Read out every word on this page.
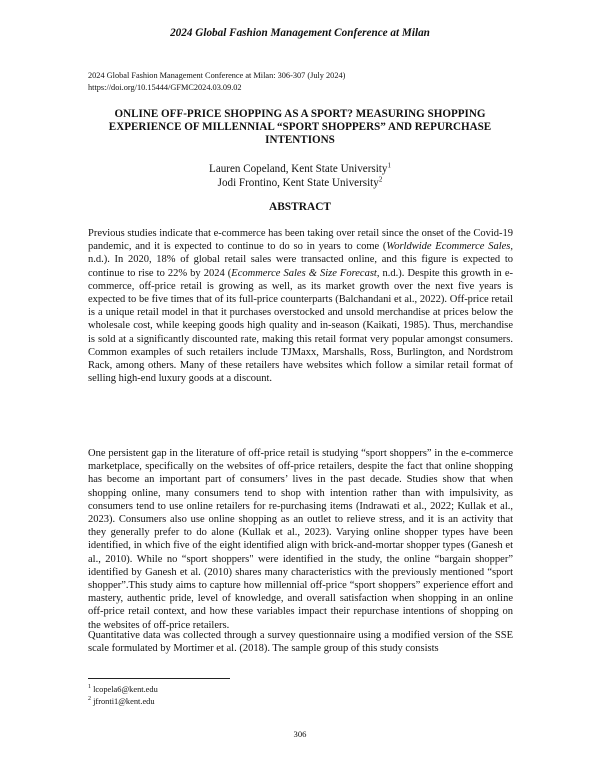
2024 Global Fashion Management Conference at Milan
2024 Global Fashion Management Conference at Milan: 306-307 (July 2024)
https://doi.org/10.15444/GFMC2024.03.09.02
ONLINE OFF-PRICE SHOPPING AS A SPORT? MEASURING SHOPPING EXPERIENCE OF MILLENNIAL “SPORT SHOPPERS” AND REPURCHASE INTENTIONS
Lauren Copeland, Kent State University$^1$
Jodi Frontino, Kent State University$^2$
ABSTRACT

Previous studies indicate that e-commerce has been taking over retail since the onset of the Covid-19 pandemic, and it is expected to continue to do so in years to come (Worldwide Ecommerce Sales, n.d.). In 2020, 18% of global retail sales were transacted online, and this figure is expected to continue to rise to 22% by 2024 (Ecommerce Sales & Size Forecast, n.d.). Despite this growth in e-commerce, off-price retail is growing as well, as its market growth over the next five years is expected to be five times that of its full-price counterparts (Balchandani et al., 2022). Off-price retail is a unique retail model in that it purchases overstocked and unsold merchandise at prices below the wholesale cost, while keeping goods high quality and in-season (Kaikati, 1985). Thus, merchandise is sold at a significantly discounted rate, making this retail format very popular amongst consumers. Common examples of such retailers include TJMaxx, Marshalls, Ross, Burlington, and Nordstrom Rack, among others. Many of these retailers have websites which follow a similar retail format of selling high-end luxury goods at a discount.

One persistent gap in the literature of off-price retail is studying “sport shoppers” in the e-commerce marketplace, specifically on the websites of off-price retailers, despite the fact that online shopping has become an important part of consumers’ lives in the past decade. Studies show that when shopping online, many consumers tend to shop with intention rather than with impulsivity, as consumers tend to use online retailers for re-purchasing items (Indrawati et al., 2022; Kullak et al., 2023). Consumers also use online shopping as an outlet to relieve stress, and it is an activity that they generally prefer to do alone (Kullak et al., 2023). Varying online shopper types have been identified, in which five of the eight identified align with brick-and-mortar shopper types (Ganesh et al., 2010). While no “sport shoppers" were identified in the study, the online “bargain shopper” identified by Ganesh et al. (2010) shares many characteristics with the previously mentioned “sport shopper”.This study aims to capture how millennial off-price “sport shoppers” experience effort and mastery, authentic pride, level of knowledge, and overall satisfaction when shopping in an online off-price retail context, and how these variables impact their repurchase intentions of shopping on the websites of off-price retailers.

Quantitative data was collected through a survey questionnaire using a modified version of the SSE scale formulated by Mortimer et al. (2018). The sample group of this study consists

$^1$ lcopela6@kent.edu
$^2$ jfronti1@kent.edu
306
